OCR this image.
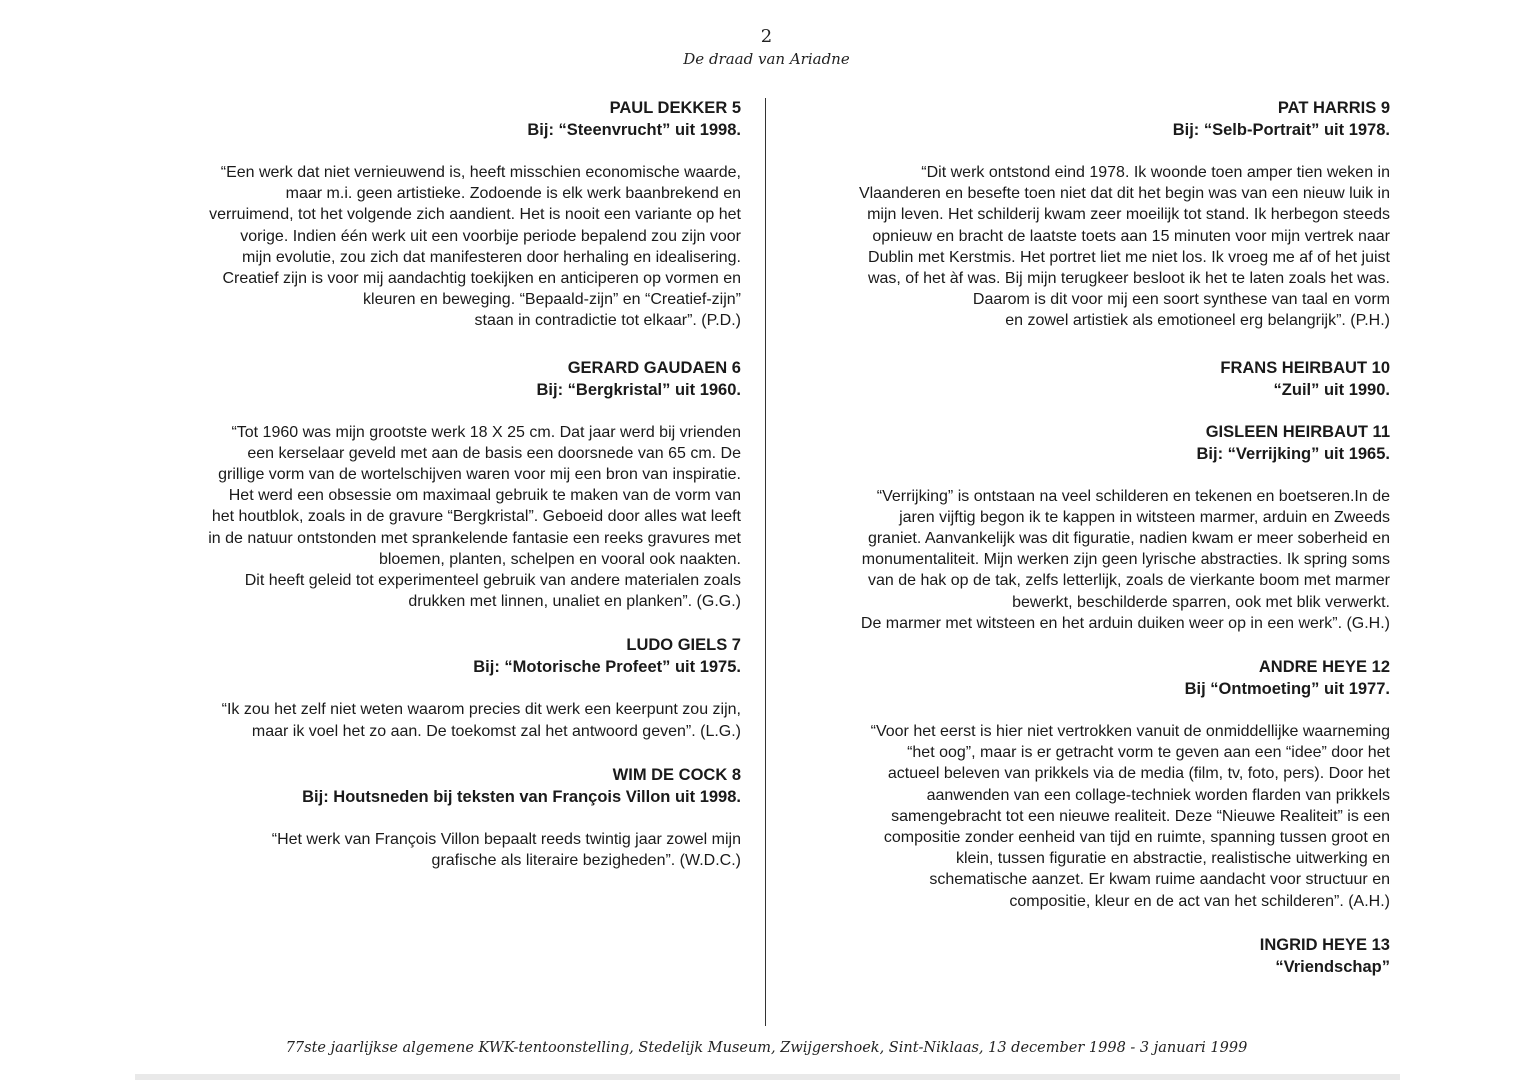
2
De draad van Ariadne
PAUL DEKKER 5
Bij: “Steenvrucht” uit 1998.
“Een werk dat niet vernieuwend is, heeft misschien economische waarde,
maar m.i. geen artistieke. Zodoende is elk werk baanbrekend en
verruimend, tot het volgende zich aandient. Het is nooit een variante op het
vorige. Indien één werk uit een voorbije periode bepalend zou zijn voor
mijn evolutie, zou zich dat manifesteren door herhaling en idealisering.
Creatief zijn is voor mij aandachtig toekijken en anticiperen op vormen en
kleuren en beweging. “Bepaald-zijn” en “Creatief-zijn”
staan in contradictie tot elkaar”. (P.D.)
GERARD GAUDAEN 6
Bij: “Bergkristal” uit 1960.
“Tot 1960 was mijn grootste werk 18 X 25 cm. Dat jaar werd bij vrienden
een kerselaar geveld met aan de basis een doorsnede van 65 cm. De
grillige vorm van de wortelschijven waren voor mij een bron van inspiratie.
Het werd een obsessie om maximaal gebruik te maken van de vorm van
het houtblok, zoals in de gravure “Bergkristal”. Geboeid door alles wat leeft
in de natuur ontstonden met sprankelende fantasie een reeks gravures met
bloemen, planten, schelpen en vooral ook naakten.
Dit heeft geleid tot experimenteel gebruik van andere materialen zoals
drukken met linnen, unaliet en planken”. (G.G.)
LUDO GIELS 7
Bij: “Motorische Profeet” uit 1975.
“Ik zou het zelf niet weten waarom precies dit werk een keerpunt zou zijn,
maar ik voel het zo aan. De toekomst zal het antwoord geven”. (L.G.)
WIM DE COCK 8
Bij: Houtsneden bij teksten van François Villon uit 1998.
“Het werk van François Villon bepaalt reeds twintig jaar zowel mijn
grafische als literaire bezigheden”. (W.D.C.)
PAT HARRIS 9
Bij: “Selb-Portrait” uit 1978.
“Dit werk ontstond eind 1978. Ik woonde toen amper tien weken in
Vlaanderen en besefte toen niet dat dit het begin was van een nieuw luik in
mijn leven. Het schilderij kwam zeer moeilijk tot stand. Ik herbegon steeds
opnieuw en bracht de laatste toets aan 15 minuten voor mijn vertrek naar
Dublin met Kerstmis. Het portret liet me niet los. Ik vroeg me af of het juist
was, of het àf was. Bij mijn terugkeer besloot ik het te laten zoals het was.
Daarom is dit voor mij een soort synthese van taal en vorm
en zowel artistiek als emotioneel erg belangrijk”. (P.H.)
FRANS HEIRBAUT 10
“Zuil” uit 1990.
GISLEEN HEIRBAUT 11
Bij: “Verrijking” uit 1965.
“Verrijking” is ontstaan na veel schilderen en tekenen en boetseren.In de
jaren vijftig begon ik te kappen in witsteen marmer, arduin en Zweeds
graniet. Aanvankelijk was dit figuratie, nadien kwam er meer soberheid en
monumentaliteit. Mijn werken zijn geen lyrische abstracties. Ik spring soms
van de hak op de tak, zelfs letterlijk, zoals de vierkante boom met marmer
bewerkt, beschilderde sparren, ook met blik verwerkt.
De marmer met witsteen en het arduin duiken weer op in een werk”. (G.H.)
ANDRE HEYE 12
Bij “Ontmoeting” uit 1977.
“Voor het eerst is hier niet vertrokken vanuit de onmiddellijke waarneming
“het oog”, maar is er getracht vorm te geven aan een “idee” door het
actueel beleven van prikkels via de media (film, tv, foto, pers). Door het
aanwenden van een collage-techniek worden flarden van prikkels
samengebracht tot een nieuwe realiteit. Deze “Nieuwe Realiteit” is een
compositie zonder eenheid van tijd en ruimte, spanning tussen groot en
klein, tussen figuratie en abstractie, realistische uitwerking en
schematische aanzet. Er kwam ruime aandacht voor structuur en
compositie, kleur en de act van het schilderen”. (A.H.)
INGRID HEYE 13
“Vriendschap”
77ste jaarlijkse algemene KWK-tentoonstelling, Stedelijk Museum, Zwijgershoek, Sint-Niklaas, 13 december 1998 - 3 januari 1999
